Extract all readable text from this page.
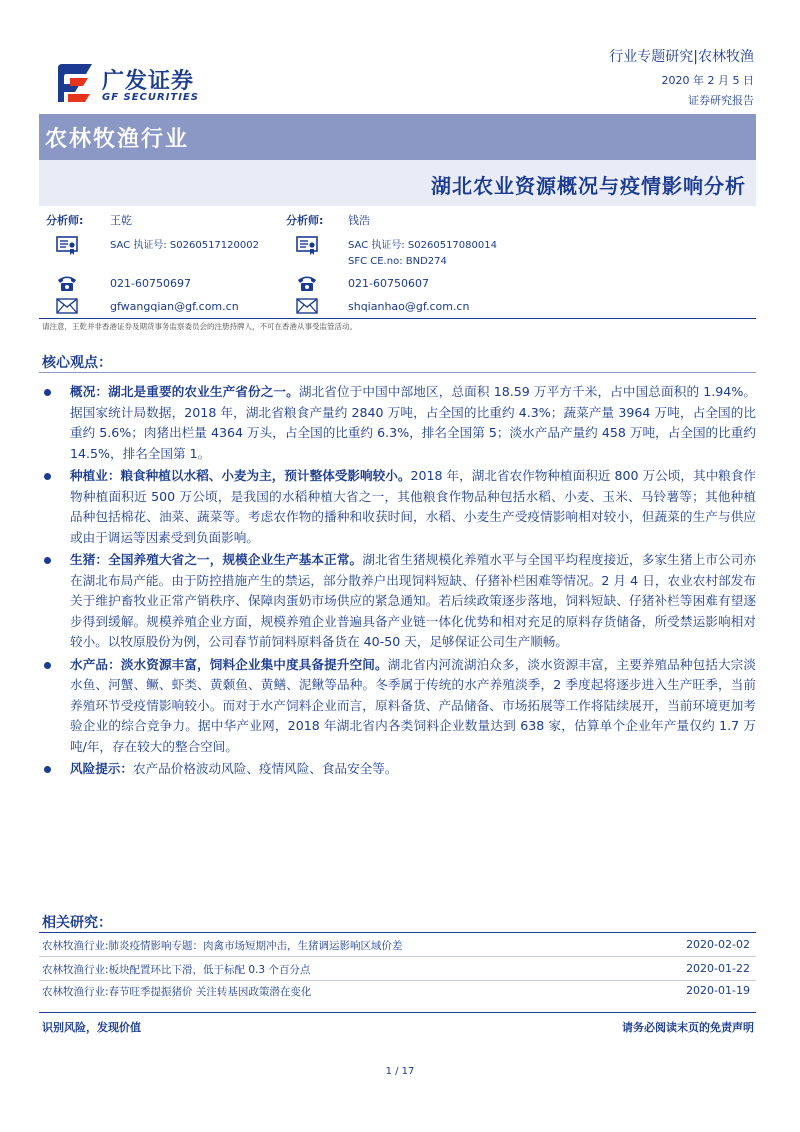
广发证券
GF SECURITIES
行业专题研究|农林牧渔
2020 年 2 月 5 日
证券研究报告
农林牧渔行业
湖北农业资源概况与疫情影响分析
分析师: 王乾
SAC 执证号: S0260517120002
021-60750697
gfwangqian@gf.com.cn
分析师: 钱浩
SAC 执证号: S0260517080014
SFC CE.no: BND274
021-60750607
shqianhao@gf.com.cn
请注意，王乾并非香港证券及期货事务监察委员会的注册持牌人，不可在香港从事受监管活动。
核心观点：
概况：湖北是重要的农业生产省份之一。湖北省位于中国中部地区，总面积 18.59 万平方千米，占中国总面积的 1.94%。据国家统计局数据，2018 年，湖北省粮食产量约 2840 万吨，占全国的比重约 4.3%；蔬菜产量 3964 万吨，占全国的比重约 5.6%；肉猪出栏量 4364 万头，占全国的比重约 6.3%，排名全国第 5；淡水产品产量约 458 万吨，占全国的比重约 14.5%，排名全国第 1。
种植业：粮食种植以水稻、小麦为主，预计整体受影响较小。2018 年，湖北省农作物种植面积近 800 万公顷，其中粮食作物种植面积近 500 万公顷，是我国的水稻种植大省之一，其他粮食作物品种包括水稻、小麦、玉米、马铃薯等；其他种植品种包括棉花、油菜、蔬菜等。考虑农作物的播种和收获时间，水稻、小麦生产受疫情影响相对较小，但蔬菜的生产与供应或由于调运等因素受到负面影响。
生猪：全国养殖大省之一，规模企业生产基本正常。湖北省生猪规模化养殖水平与全国平均程度接近，多家生猪上市公司亦在湖北布局产能。由于防控措施产生的禁运，部分散养户出现饲料短缺、仔猪补栏困难等情况。2 月 4 日，农业农村部发布关于维护畜牧业正常产销秩序、保障肉蛋奶市场供应的紧急通知。若后续政策逐步落地，饲料短缺、仔猪补栏等困难有望逐步得到缓解。规模养殖企业方面，规模养殖企业普遍具备产业链一体化优势和相对充足的原料存货储备，所受禁运影响相对较小。以牧原股份为例，公司春节前饲料原料备货在 40-50 天，足够保证公司生产顺畅。
水产品：淡水资源丰富，饲料企业集中度具备提升空间。湖北省内河流湖泊众多，淡水资源丰富，主要养殖品种包括大宗淡水鱼、河蟹、鳜、虾类、黄颡鱼、黄鳝、泥鳅等品种。冬季属于传统的水产养殖淡季，2 季度起将逐步进入生产旺季，当前养殖环节受疫情影响较小。而对于水产饲料企业而言，原料备货、产品储备、市场拓展等工作将陆续展开，当前环境更加考验企业的综合竞争力。据中华产业网，2018 年湖北省内各类饲料企业数量达到 638 家，估算单个企业年产量仅约 1.7 万吨/年，存在较大的整合空间。
风险提示：农产品价格波动风险、疫情风险、食品安全等。
相关研究：
农林牧渔行业:肺炎疫情影响专题：肉禽市场短期冲击，生猪调运影响区域价差	2020-02-02
农林牧渔行业:板块配置环比下滑，低于标配 0.3 个百分点	2020-01-22
农林牧渔行业:春节旺季提振猪价 关注转基因政策潜在变化	2020-01-19
识别风险，发现价值	请务必阅读末页的免责声明
1 / 17
